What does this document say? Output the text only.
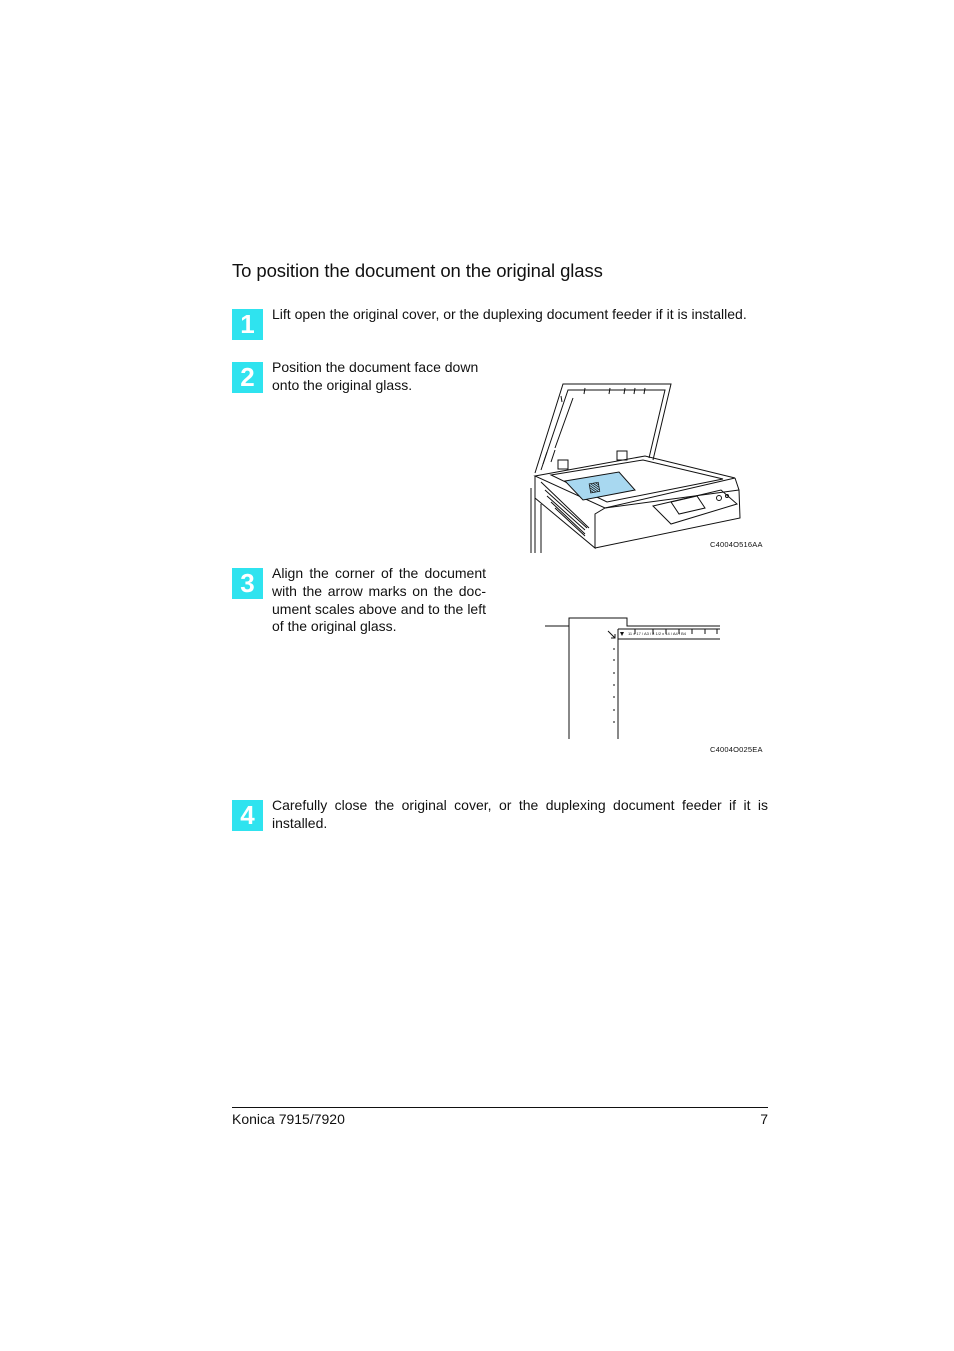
To position the document on the original glass
1	Lift open the original cover, or the duplexing document feeder if it is installed.
2	Position the document face down onto the original glass.
▧
C4004O516AA
3	Align the corner of the document with the arrow marks on the doc-ument scales above and to the left of the original glass.	11 x 17 / A3 / 8 1/2 x 14 / A4 / B4
C4004O025EA
4	Carefully close the original cover, or the duplexing document feeder if it is installed.
Konica 7915/7920	7
